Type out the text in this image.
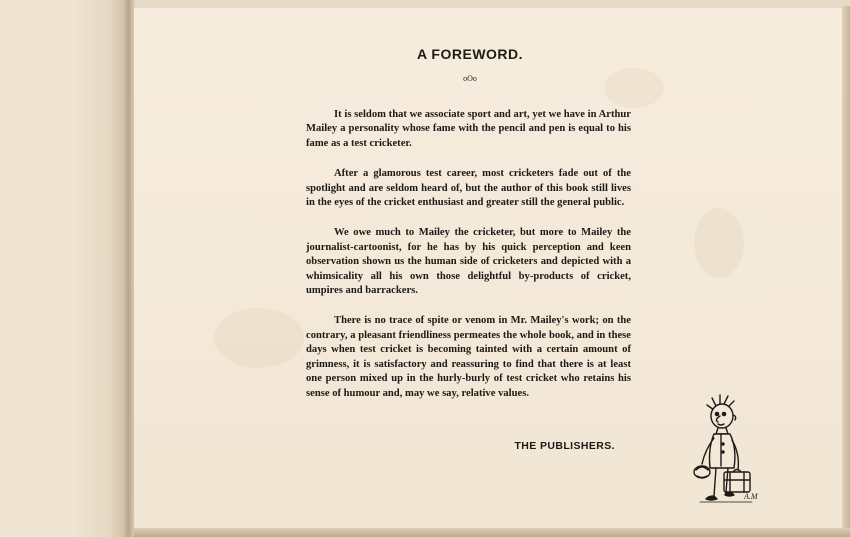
A FOREWORD.
oOo

It is seldom that we associate sport and art, yet we have in Arthur Mailey a personality whose fame with the pencil and pen is equal to his fame as a test cricketer.

After a glamorous test career, most cricketers fade out of the spotlight and are seldom heard of, but the author of this book still lives in the eyes of the cricket enthusiast and greater still the general public.

We owe much to Mailey the cricketer, but more to Mailey the journalist-cartoonist, for he has by his quick perception and keen observation shown us the human side of cricketers and depicted with a whimsicality all his own those delightful by-products of cricket, umpires and barrackers.

There is no trace of spite or venom in Mr. Mailey's work; on the contrary, a pleasant friendliness permeates the whole book, and in these days when test cricket is becoming tainted with a certain amount of grimness, it is satisfactory and reassuring to find that there is at least one person mixed up in the hurly-burly of test cricket who retains his sense of humour and, may we say, relative values.

THE PUBLISHERS.
A.M
